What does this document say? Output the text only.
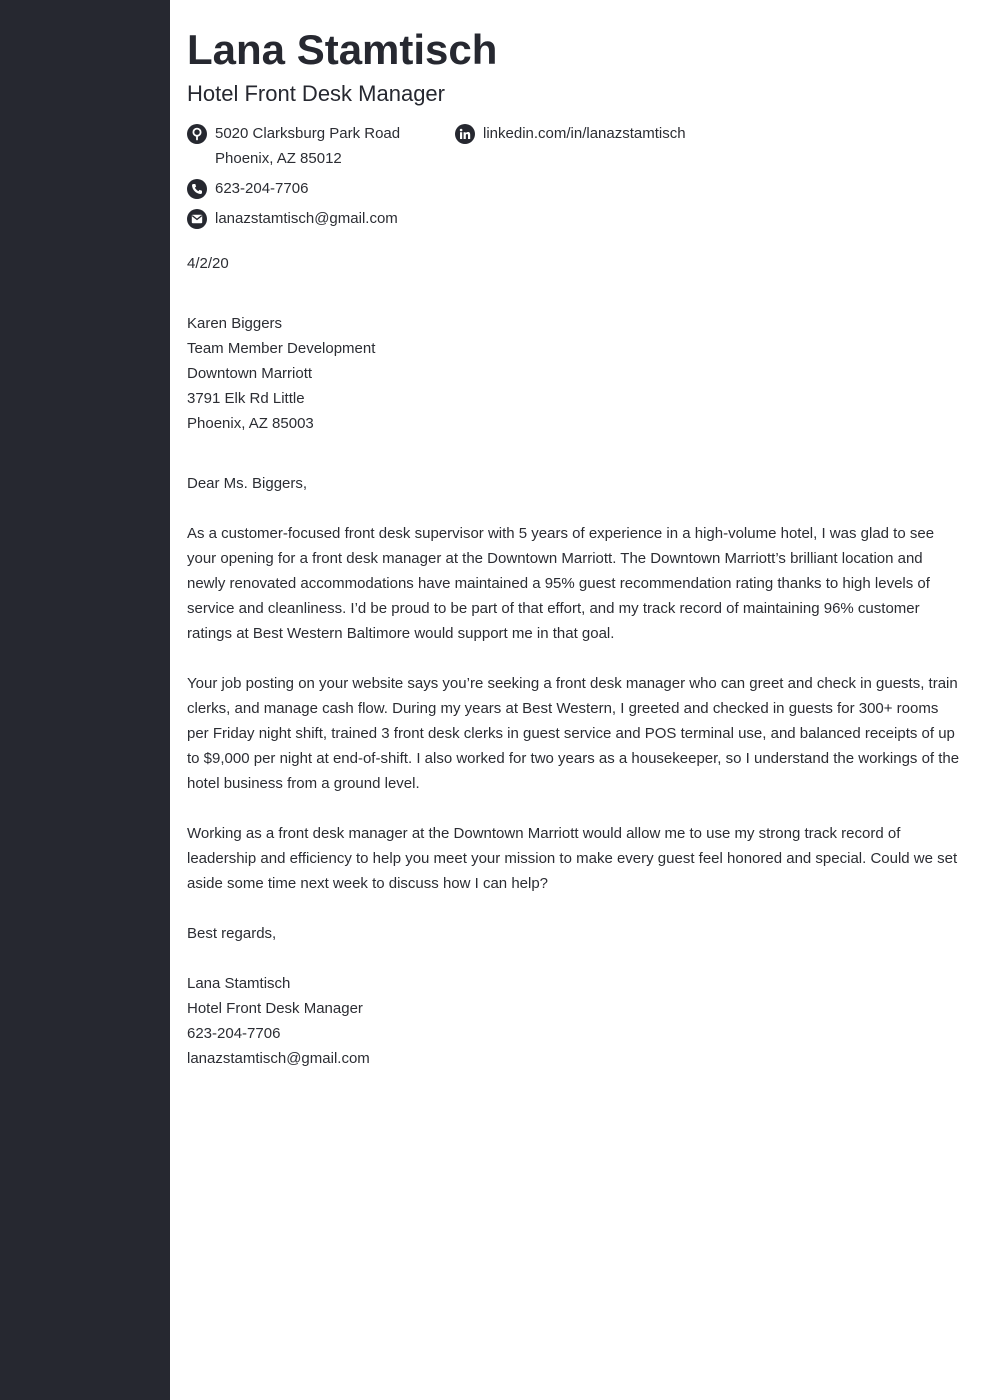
Lana Stamtisch
Hotel Front Desk Manager
5020 Clarksburg Park Road
Phoenix, AZ 85012
linkedin.com/in/lanazstamtisch
623-204-7706
lanazstamtisch@gmail.com
4/2/20
Karen Biggers
Team Member Development
Downtown Marriott
3791 Elk Rd Little
Phoenix, AZ 85003
Dear Ms. Biggers,

As a customer-focused front desk supervisor with 5 years of experience in a high-volume hotel, I was glad to see your opening for a front desk manager at the Downtown Marriott. The Downtown Marriott’s brilliant location and newly renovated accommodations have maintained a 95% guest recommendation rating thanks to high levels of service and cleanliness. I’d be proud to be part of that effort, and my track record of maintaining 96% customer ratings at Best Western Baltimore would support me in that goal.

Your job posting on your website says you’re seeking a front desk manager who can greet and check in guests, train clerks, and manage cash flow. During my years at Best Western, I greeted and checked in guests for 300+ rooms per Friday night shift, trained 3 front desk clerks in guest service and POS terminal use, and balanced receipts of up to $9,000 per night at end-of-shift. I also worked for two years as a housekeeper, so I understand the workings of the hotel business from a ground level.

Working as a front desk manager at the Downtown Marriott would allow me to use my strong track record of leadership and efficiency to help you meet your mission to make every guest feel honored and special. Could we set aside some time next week to discuss how I can help?

Best regards,
Lana Stamtisch
Hotel Front Desk Manager
623-204-7706
lanazstamtisch@gmail.com
